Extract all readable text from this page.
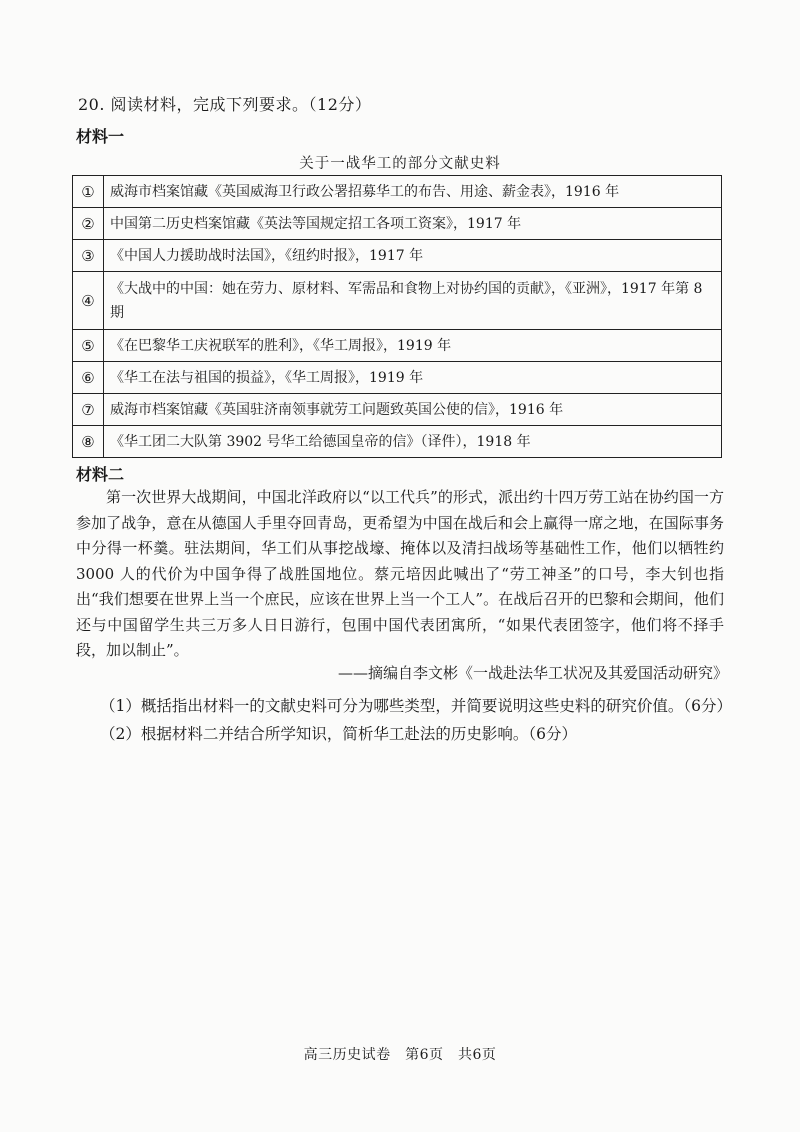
20. 阅读材料，完成下列要求。（12分）
材料一
关于一战华工的部分文献史料
①	威海市档案馆藏《英国威海卫行政公署招募华工的布告、用途、薪金表》，1916 年
②	中国第二历史档案馆藏《英法等国规定招工各项工资案》，1917 年
③	《中国人力援助战时法国》，《纽约时报》，1917 年
④	《大战中的中国：她在劳力、原材料、军需品和食物上对协约国的贡献》，《亚洲》，1917 年第 8 期
⑤	《在巴黎华工庆祝联军的胜利》，《华工周报》，1919 年
⑥	《华工在法与祖国的损益》，《华工周报》，1919 年
⑦	威海市档案馆藏《英国驻济南领事就劳工问题致英国公使的信》，1916 年
⑧	《华工团二大队第 3902 号华工给德国皇帝的信》（译件），1918 年
材料二

第一次世界大战期间，中国北洋政府以“以工代兵”的形式，派出约十四万劳工站在协约国一方参加了战争，意在从德国人手里夺回青岛，更希望为中国在战后和会上赢得一席之地，在国际事务中分得一杯羹。驻法期间，华工们从事挖战壕、掩体以及清扫战场等基础性工作，他们以牺牲约 3000 人的代价为中国争得了战胜国地位。蔡元培因此喊出了“劳工神圣”的口号，李大钊也指出“我们想要在世界上当一个庶民，应该在世界上当一个工人”。在战后召开的巴黎和会期间，他们还与中国留学生共三万多人日日游行，包围中国代表团寓所，“如果代表团签字，他们将不择手段，加以制止”。

——摘编自李文彬《一战赴法华工状况及其爱国活动研究》
（1）概括指出材料一的文献史料可分为哪些类型，并简要说明这些史料的研究价值。（6分）
（2）根据材料二并结合所学知识，简析华工赴法的历史影响。（6分）
高三历史试卷　第6页　共6页
